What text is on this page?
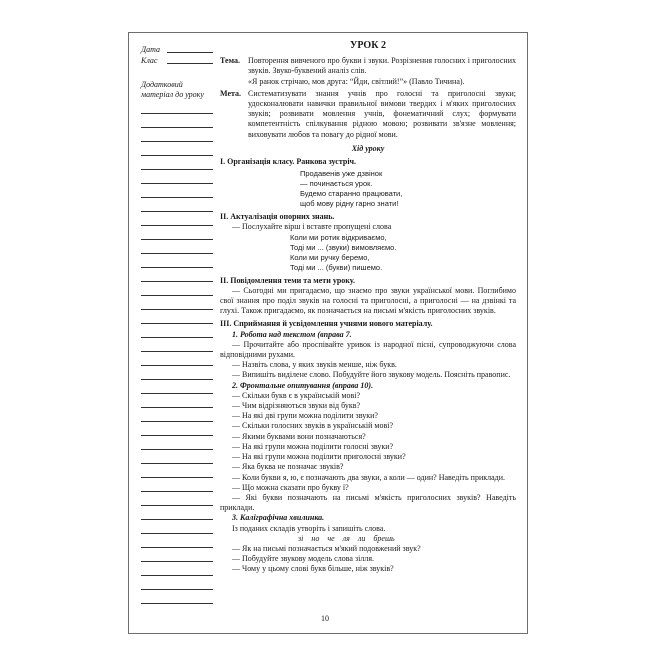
Дата
Клас
Додатковий матеріал до уроку
УРОК 2
Тема.	Повторення вивченого про букви і звуки. Розрізнення голосних і приголосних звуків. Звуко-буквений аналіз слів.
«Я ранок стрічаю, мов друга: “Йди, світлий!”» (Павло Тичина).
Мета. Систематизувати знання учнів про голосні та приголосні звуки; удосконалювати навички правильної вимови твердих і м'яких приголосних звуків; розвивати мовлення учнів, фонематичний слух; формувати компетентність спілкування рідною мовою; розвивати зв'язне мовлення; виховувати любов та повагу до рідної мови.
Хід уроку
І. Організація класу. Ранкова зустріч.
Продавенів уже дзвінок
— починається урок.
Будемо старанно працювати,
щоб мову рідну гарно знати!
ІІ. Актуалізація опорних знань.
— Послухайте вірш і вставте пропущені слова
Коли ми ротик відкриваємо,
Тоді ми ... (звуки) вимовляємо.
Коли ми ручку беремо,
Тоді ми ... (букви) пишемо.
ІІ. Повідомлення теми та мети уроку.
— Сьогодні ми пригадаємо, що знаємо про звуки української мови. Поглибимо свої знання про поділ звуків на голосні та приголосні, а приголосні — на дзвінкі та глухі. Також пригадаємо, як позначається на письмі м'якість приголосних звуків.
ІІІ. Сприймання й усвідомлення учнями нового матеріалу.
1. Робота над текстом (вправа 7.
— Прочитайте або проспівайте уривок із народної пісні, супроводжуючи слова відповідними рухами.
— Назвіть слова, у яких звуків менше, ніж букв.
— Випишіть виділене слово. Побудуйте його звукову модель. Поясніть правопис.
2. Фронтальне опитування (вправа 10).
— Скільки букв є в українській мові?
— Чим відрізняються звуки від букв?
— На які дві групи можна поділити звуки?
— Скільки голосних звуків в українській мові?
— Якими буквами вони позначаються?
— На які групи можна поділити голосні звуки?
— На які групи можна поділити приголосні звуки?
— Яка буква не позначає звуків?
— Коли букви я, ю, є позначають два звуки, а коли — один? Наведіть приклади.
— Що можна сказати про букву ї?
— Які букви позначають на письмі м'якість приголосних звуків? Наведіть приклади.
3. Каліграфічна хвилинка.
Із поданих складів утворіть і запишіть слова.
зі но че ля ли брешь
— Як на письмі позначається м'який подовжений звук?
— Побудуйте звукову модель слова зілля.
— Чому у цьому слові букв більше, ніж звуків?
10
